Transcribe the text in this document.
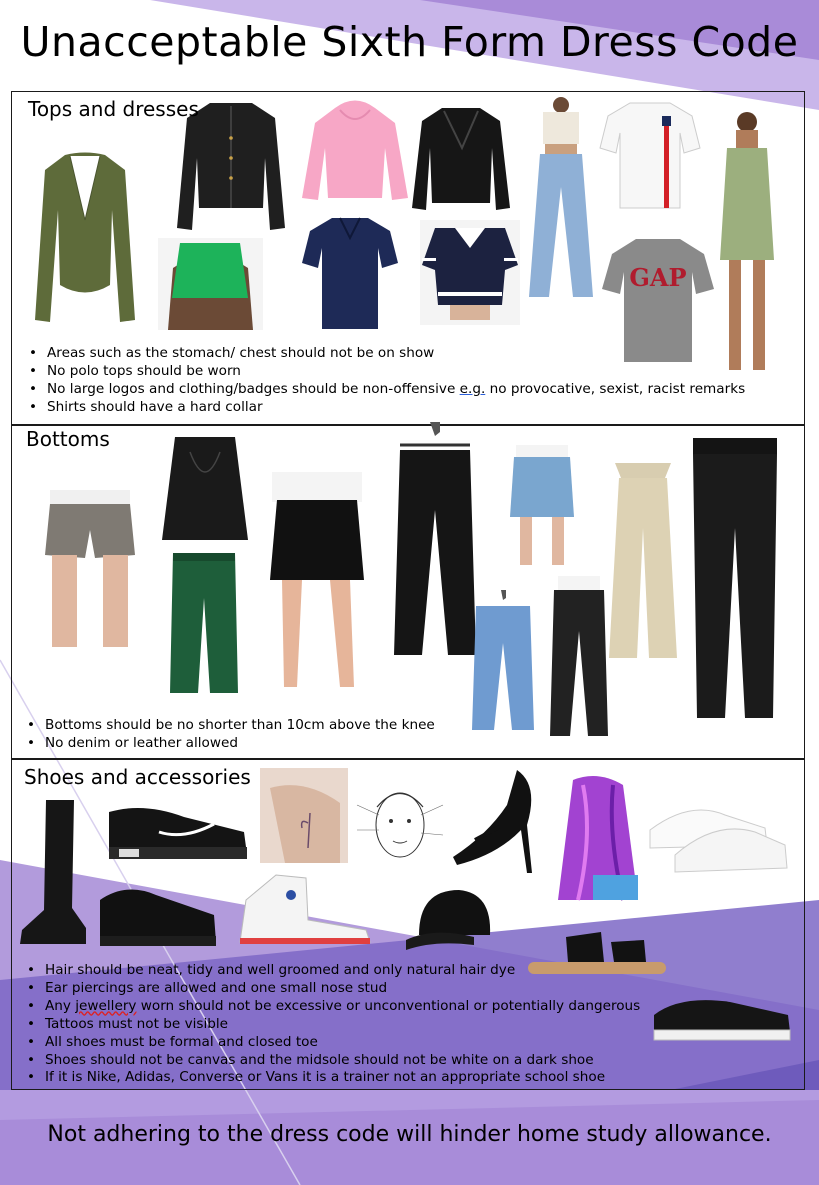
Unacceptable Sixth Form Dress Code
Tops and dresses
Bottoms
Shoes and accessories
GAP
• Areas such as the stomach/ chest should not be on show
• No polo tops should be worn
• No large logos and clothing/badges should be non-offensive e.g. no provocative, sexist, racist remarks
• Shirts should have a hard collar
• Bottoms should be no shorter than 10cm above the knee
• No denim or leather allowed
• Hair should be neat, tidy and well groomed and only natural hair dye
• Ear piercings are allowed and one small nose stud
• Any jewellery worn should not be excessive or unconventional or potentially dangerous
• Tattoos must not be visible
• All shoes must be formal and closed toe
• Shoes should not be canvas and the midsole should not be white on a dark shoe
• If it is Nike, Adidas, Converse or Vans it is a trainer not an appropriate school shoe
Not adhering to the dress code will hinder home study allowance.
